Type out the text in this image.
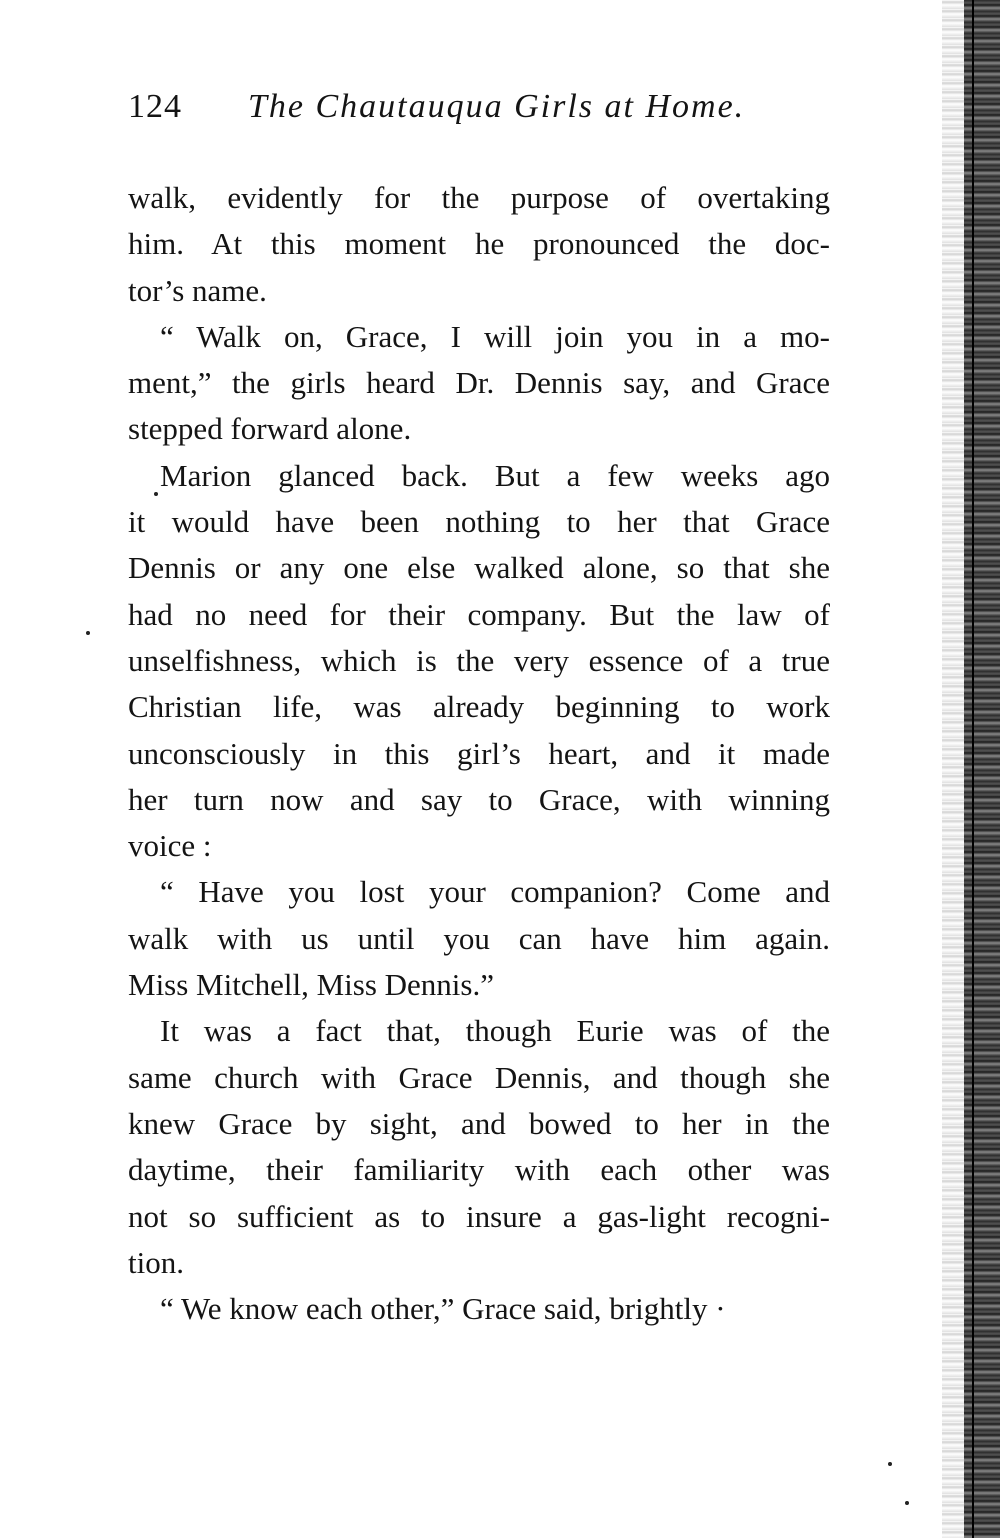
124 The Chautauqua Girls at Home.
walk, evidently for the purpose of overtaking
him. At this moment he pronounced the doc-
tor’s name.
“ Walk on, Grace, I will join you in a mo-
ment,” the girls heard Dr. Dennis say, and Grace
stepped forward alone.
Marion glanced back. But a few weeks ago
it would have been nothing to her that Grace
Dennis or any one else walked alone, so that she
had no need for their company. But the law of
unselfishness, which is the very essence of a true
Christian life, was already beginning to work
unconsciously in this girl’s heart, and it made
her turn now and say to Grace, with winning
voice :
“ Have you lost your companion? Come and
walk with us until you can have him again.
Miss Mitchell, Miss Dennis.”
It was a fact that, though Eurie was of the
same church with Grace Dennis, and though she
knew Grace by sight, and bowed to her in the
daytime, their familiarity with each other was
not so sufficient as to insure a gas-light recogni-
tion.
“ We know each other,” Grace said, brightly ·
